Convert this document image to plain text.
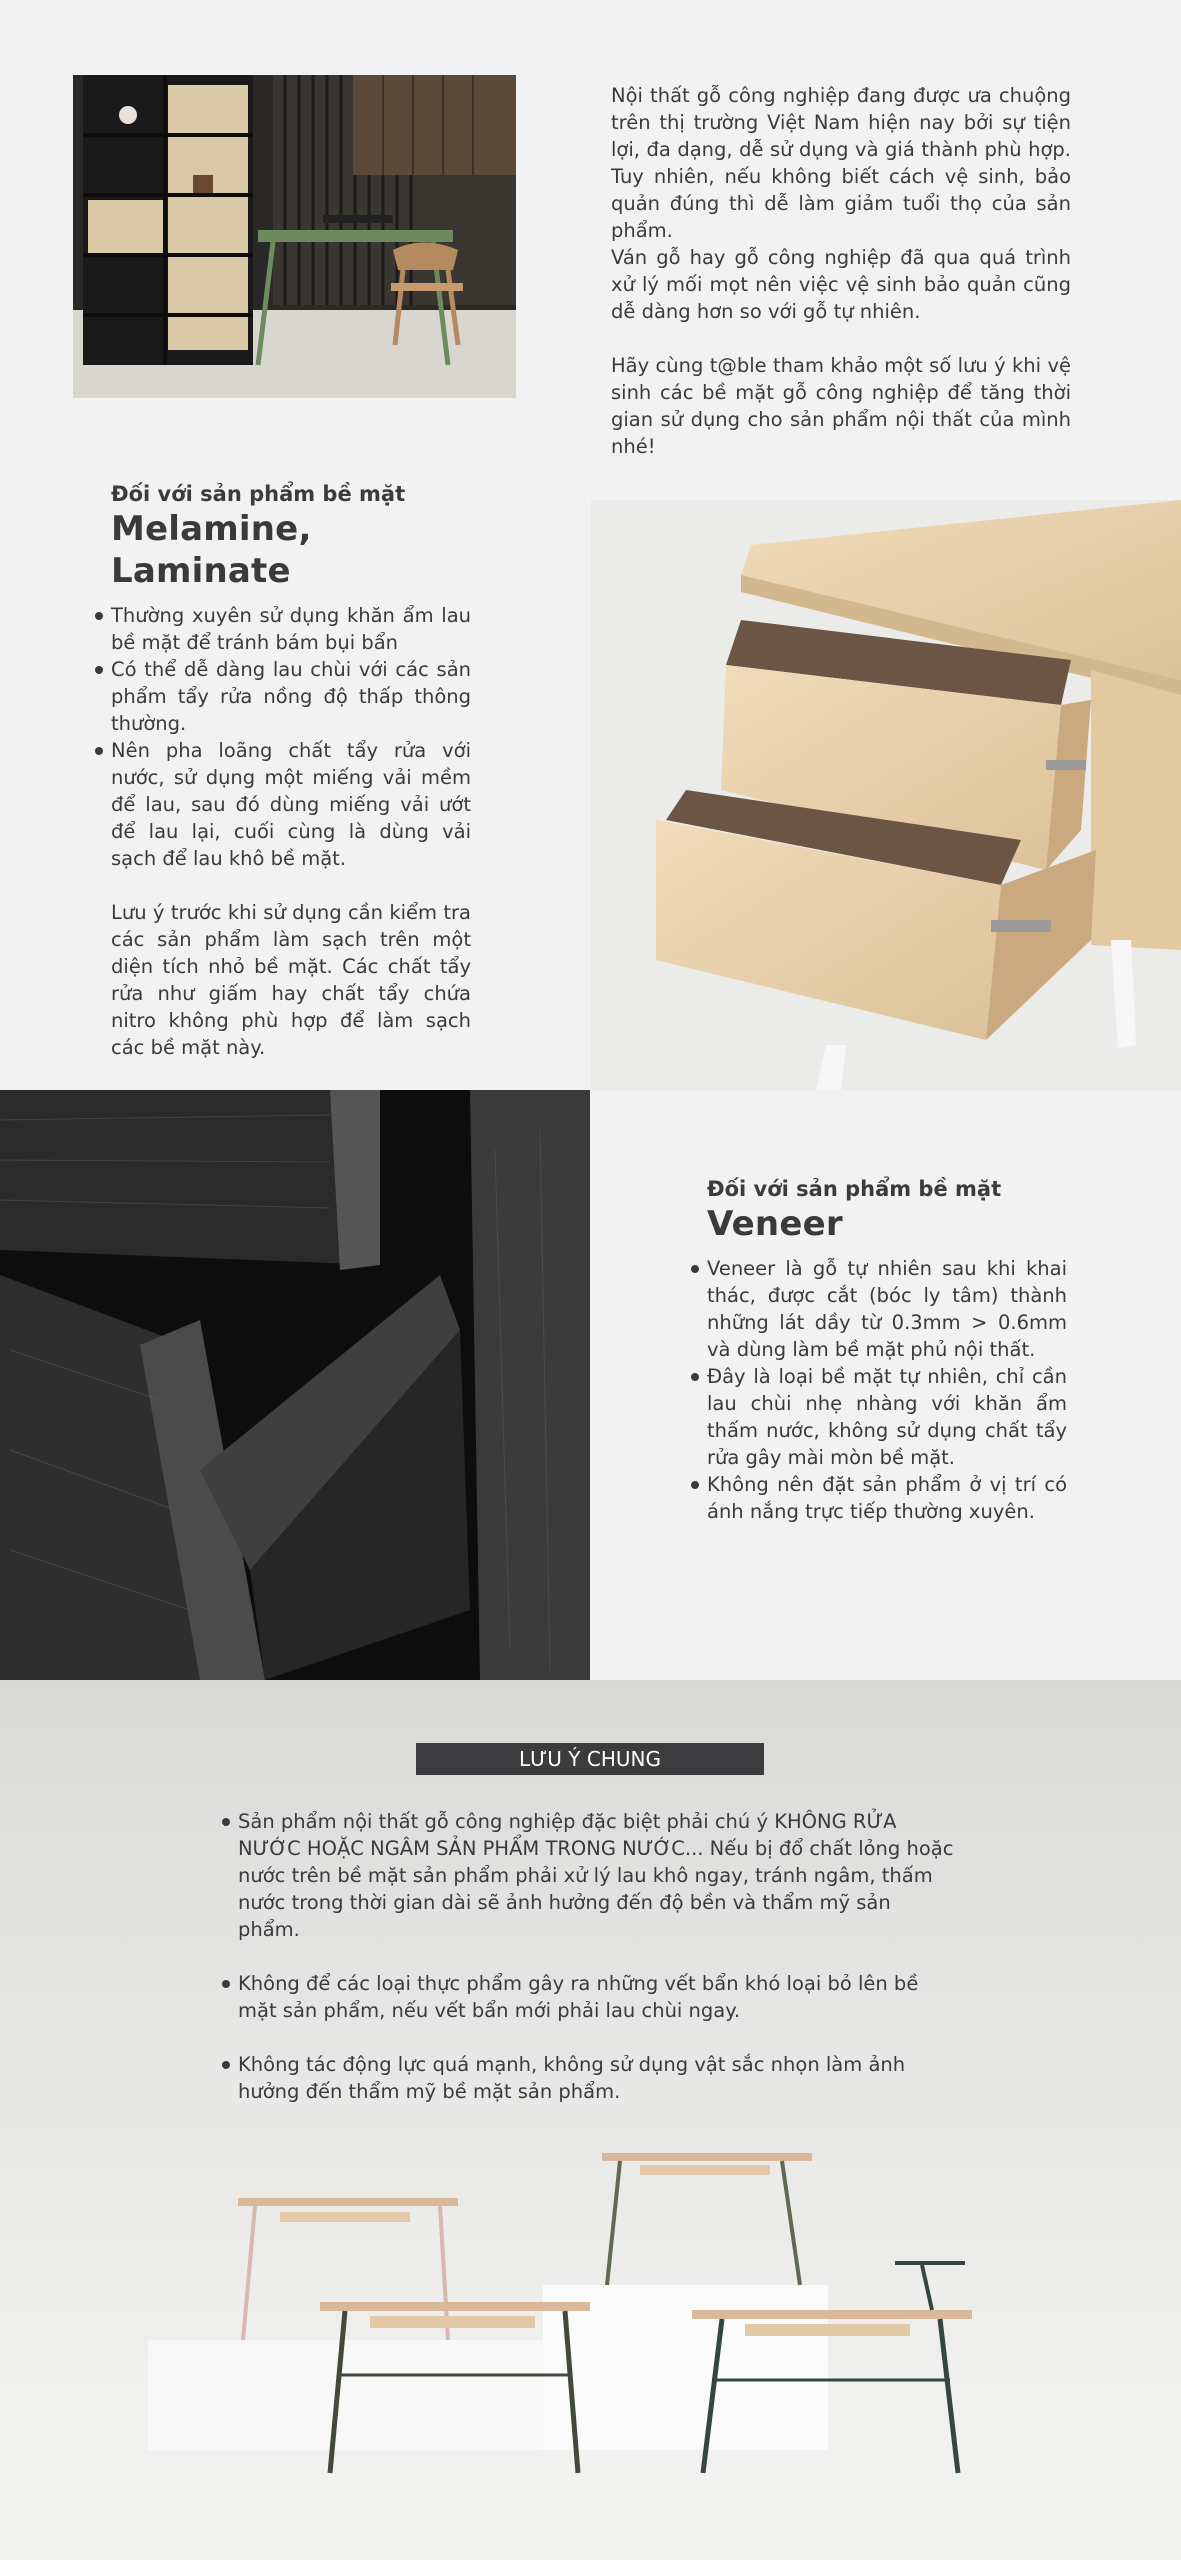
Nội thất gỗ công nghiệp đang được ưa chuộng trên thị trường Việt Nam hiện nay bởi sự tiện lợi, đa dạng, dễ sử dụng và giá thành phù hợp. Tuy nhiên, nếu không biết cách vệ sinh, bảo quản đúng thì dễ làm giảm tuổi thọ của sản phẩm.

Ván gỗ hay gỗ công nghiệp đã qua quá trình xử lý mối mọt nên việc vệ sinh bảo quản cũng dễ dàng hơn so với gỗ tự nhiên.

Hãy cùng t@ble tham khảo một số lưu ý khi vệ sinh các bề mặt gỗ công nghiệp để tăng thời gian sử dụng cho sản phẩm nội thất của mình nhé!

Đối với sản phẩm bề mặt
Melamine, Laminate
Thường xuyên sử dụng khăn ẩm lau bề mặt để tránh bám bụi bẩn
Có thể dễ dàng lau chùi với các sản phẩm tẩy rửa nồng độ thấp thông thường.
Nên pha loãng chất tẩy rửa với nước, sử dụng một miếng vải mềm để lau, sau đó dùng miếng vải ướt để lau lại, cuối cùng là dùng vải sạch để lau khô bề mặt.

Lưu ý trước khi sử dụng cần kiểm tra các sản phẩm làm sạch trên một diện tích nhỏ bề mặt. Các chất tẩy rửa như giấm hay chất tẩy chứa nitro không phù hợp để làm sạch các bề mặt này.

Đối với sản phẩm bề mặt
Veneer
Veneer là gỗ tự nhiên sau khi khai thác, được cắt (bóc ly tâm) thành những lát dầy từ 0.3mm > 0.6mm và dùng làm bề mặt phủ nội thất.
Đây là loại bề mặt tự nhiên, chỉ cần lau chùi nhẹ nhàng với khăn ẩm thấm nước, không sử dụng chất tẩy rửa gây mài mòn bề mặt.
Không nên đặt sản phẩm ở vị trí có ánh nắng trực tiếp thường xuyên.
LƯU Ý CHUNG
Sản phẩm nội thất gỗ công nghiệp đặc biệt phải chú ý KHÔNG RỬA NƯỚC HOẶC NGÂM SẢN PHẨM TRONG NƯỚC... Nếu bị đổ chất lỏng hoặc nước trên bề mặt sản phẩm phải xử lý lau khô ngay, tránh ngâm, thấm nước trong thời gian dài sẽ ảnh hưởng đến độ bền và thẩm mỹ sản phẩm.
Không để các loại thực phẩm gây ra những vết bẩn khó loại bỏ lên bề mặt sản phẩm, nếu vết bẩn mới phải lau chùi ngay.
Không tác động lực quá mạnh, không sử dụng vật sắc nhọn làm ảnh hưởng đến thẩm mỹ bề mặt sản phẩm.
